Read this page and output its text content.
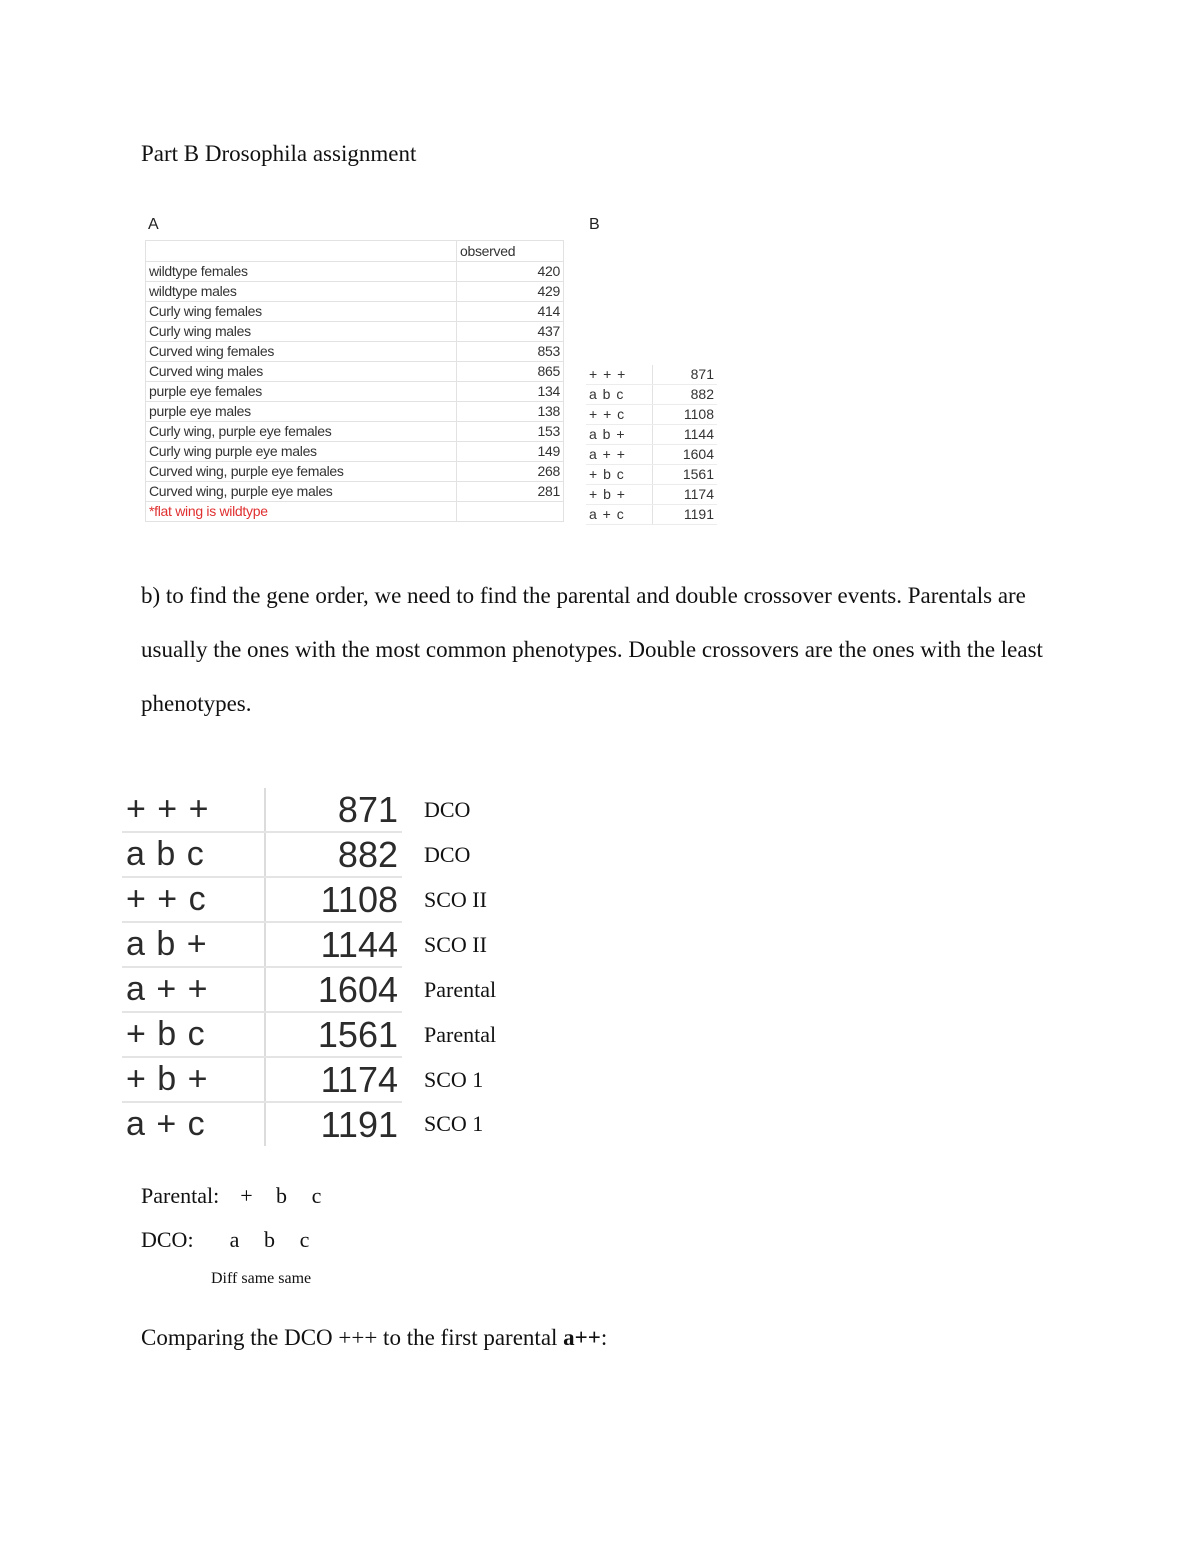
Part B Drosophila assignment
A
	observed
wildtype females	420
wildtype males	429
Curly wing females	414
Curly wing males	437
Curved wing females	853
Curved wing males	865
purple eye females	134
purple eye males	138
Curly wing, purple eye females	153
Curly wing purple eye males	149
Curved wing, purple eye females	268
Curved wing, purple eye males	281
*flat wing is wildtype	
B
+ + +	871
a b c	882
+ + c	1108
a b +	1144
a + +	1604
+ b c	1561
+ b +	1174
a + c	1191

b) to find the gene order, we need to find the parental and double crossover events. Parentals are usually the ones with the most common phenotypes. Double crossovers are the ones with the least phenotypes.

+ + +	871	DCO
a b c	882	DCO
+ + c	1108	SCO II
a b +	1144	SCO II
a + +	1604	Parental
+ b c	1561	Parental
+ b +	1174	SCO 1
a + c	1191	SCO 1
Parental: + b c
DCO: a b c
Diff same same
Comparing the DCO +++ to the first parental a++:
